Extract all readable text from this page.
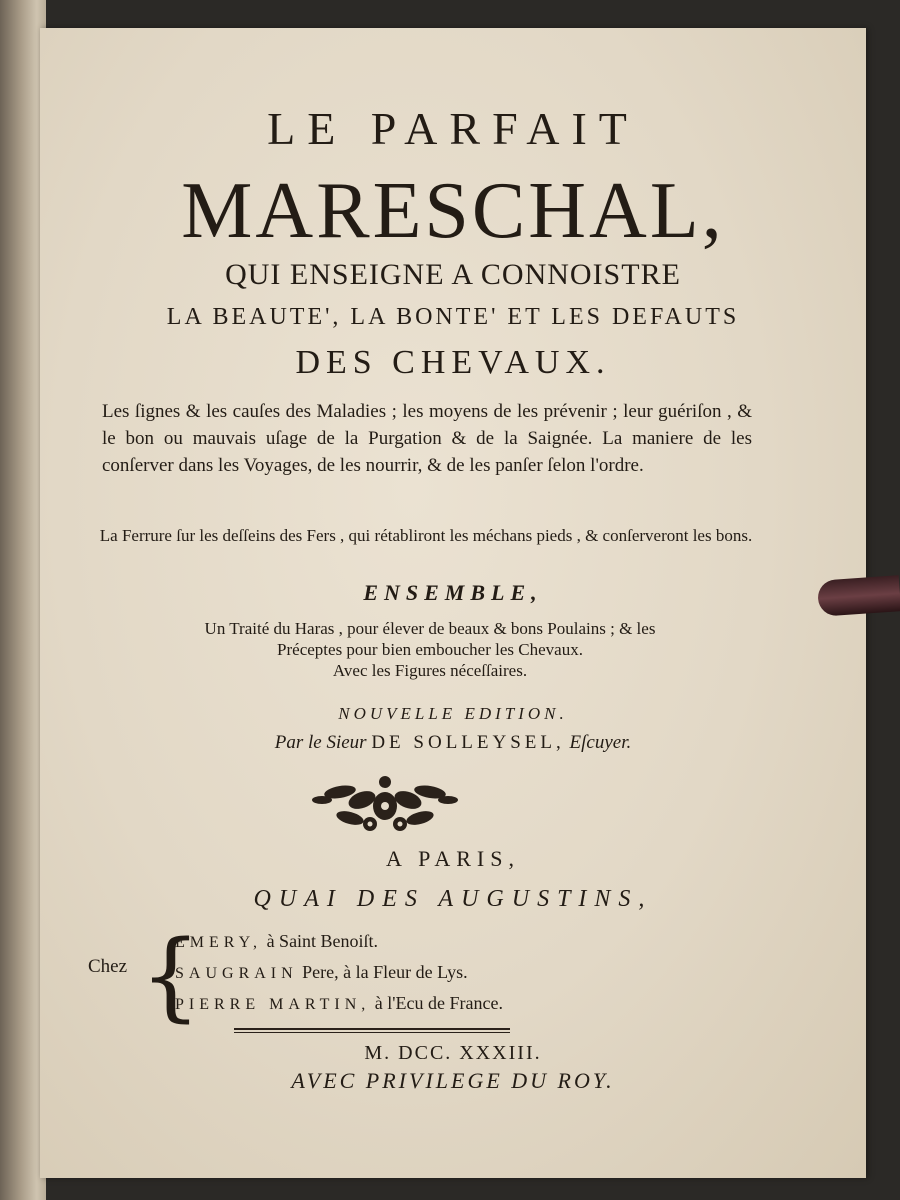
LE PARFAIT
MARESCHAL,
QUI ENSEIGNE A CONNOISTRE
LA BEAUTE', LA BONTE' ET LES DEFAUTS
DES CHEVAUX.
Les ſignes & les cauſes des Maladies ; les moyens de les prévenir ; leur guériſon , & le bon ou mauvais uſage de la Purgation & de la Saignée. La maniere de les conſerver dans les Voyages, de les nourrir, & de les panſer ſelon l'ordre.
La Ferrure ſur les deſſeins des Fers , qui rétabliront les méchans pieds , & conſerveront les bons.
ENSEMBLE,
Un Traité du Haras , pour élever de beaux & bons Poulains ; & les
Préceptes pour bien emboucher les Chevaux.
Avec les Figures néceſſaires.
NOUVELLE EDITION.
Par le Sieur DE SOLLEYSEL, Eſcuyer.
A PARIS,
QUAI DES AUGUSTINS,
Chez {
EMERY, à Saint Benoiſt.
SAUGRAIN Pere, à la Fleur de Lys.
PIERRE MARTIN, à l'Ecu de France.
M. DCC. XXXIII.
AVEC PRIVILEGE DU ROY.
